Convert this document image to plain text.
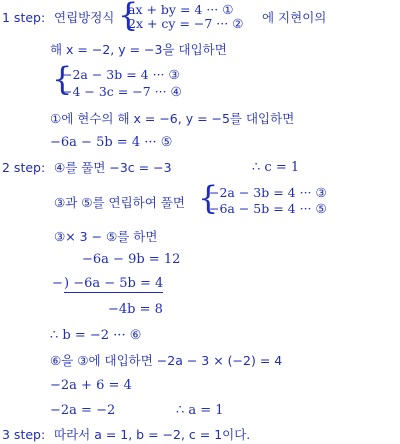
1 step: 연립방정식 {
ax + by = 4 ··· ①
2x + cy = −7 ··· ② 에 지현이의
해 x = −2, y = −3을 대입하면
{
−2a − 3b = 4 ··· ③
−4 − 3c = −7 ··· ④
①에 현수의 해 x = −6, y = −5를 대입하면
−6a − 5b = 4 ··· ⑤
2 step: ④를 풀면 −3c = −3	∴ c = 1
③과 ⑤를 연립하여 풀면 {
−2a − 3b = 4 ··· ③
−6a − 5b = 4 ··· ⑤
③× 3 − ⑤를 하면
−6a − 9b = 12
− ) −6a − 5b = 4
−4b = 8
∴ b = −2 ··· ⑥
⑥을 ③에 대입하면 −2a − 3 × (−2) = 4
−2a + 6 = 4
−2a = −2	∴ a = 1
3 step: 따라서 a = 1, b = −2, c = 1이다.
